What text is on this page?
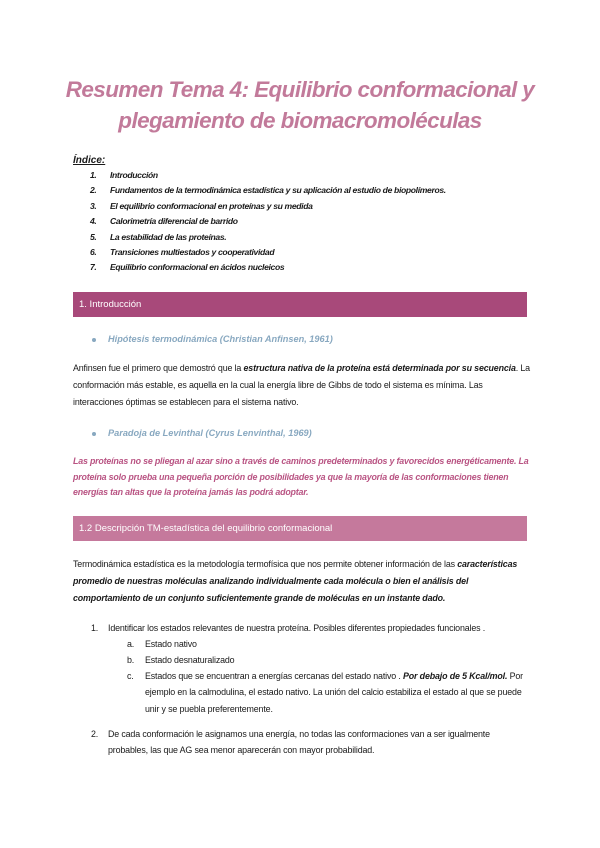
Resumen Tema 4: Equilibrio conformacional y plegamiento de biomacromoléculas
Índice:
1. Introducción
2. Fundamentos de la termodinámica estadística y su aplicación al estudio de biopolímeros.
3. El equilibrio conformacional en proteínas y su medida
4. Calorimetría diferencial de barrido
5. La estabilidad de las proteínas.
6. Transiciones multiestados y cooperatividad
7. Equilibrio conformacional en ácidos nucleicos
1. Introducción
Hipótesis termodinámica (Christian Anfinsen, 1961)
Anfinsen fue el primero que demostró que la estructura nativa de la proteína está determinada por su secuencia. La conformación más estable, es aquella en la cual la energía libre de Gibbs de todo el sistema es mínima. Las interacciones óptimas se establecen para el sistema nativo.
Paradoja de Levinthal (Cyrus Lenvinthal, 1969)
Las proteínas no se pliegan al azar sino a través de caminos predeterminados y favorecidos energéticamente. La proteína solo prueba una pequeña porción de posibilidades ya que la mayoría de las conformaciones tienen energías tan altas que la proteína jamás las podrá adoptar.
1.2 Descripción TM-estadística del equilibrio conformacional
Termodinámica estadística es la metodología termofísica que nos permite obtener información de las características promedio de nuestras moléculas analizando individualmente cada molécula o bien el análisis del comportamiento de un conjunto suficientemente grande de moléculas en un instante dado.
1.	Identificar los estados relevantes de nuestra proteína. Posibles diferentes propiedades funcionales .
a.	Estado nativo
b.	Estado desnaturalizado
c.	Estados que se encuentran a energías cercanas del estado nativo . Por debajo de 5 Kcal/mol. Por ejemplo en la calmodulina, el estado nativo. La unión del calcio estabiliza el estado al que se puede unir y se puebla preferentemente.
2.	De cada conformación le asignamos una energía, no todas las conformaciones van a ser igualmente probables, las que AG sea menor aparecerán con mayor probabilidad.
